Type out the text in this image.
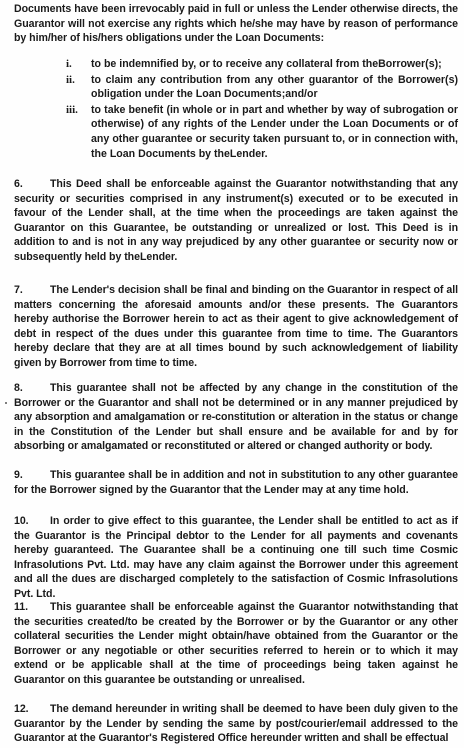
Documents have been irrevocably paid in full or unless the Lender otherwise directs, the Guarantor will not exercise any rights which he/she may have by reason of performance by him/her of his/hers obligations under the Loan Documents:
i.	to be indemnified by, or to receive any collateral from theBorrower(s);
ii.	to claim any contribution from any other guarantor of the Borrower(s) obligation under the Loan Documents;and/or
iii.	to take benefit (in whole or in part and whether by way of subrogation or otherwise) of any rights of the Lender under the Loan Documents or of any other guarantee or security taken pursuant to, or in connection with, the Loan Documents by theLender.
6.	This Deed shall be enforceable against the Guarantor notwithstanding that any security or securities comprised in any instrument(s) executed or to be executed in favour of the Lender shall, at the time when the proceedings are taken against the Guarantor on this Guarantee, be outstanding or unrealized or lost. This Deed is in addition to and is not in any way prejudiced by any other guarantee or security now or subsequently held by theLender.
7.	The Lender's decision shall be final and binding on the Guarantor in respect of all matters concerning the aforesaid amounts and/or these presents. The Guarantors hereby authorise the Borrower herein to act as their agent to give acknowledgement of debt in respect of the dues under this guarantee from time to time. The Guarantors hereby declare that they are at all times bound by such acknowledgement of liability given by Borrower from time to time.
8.	This guarantee shall not be affected by any change in the constitution of the Borrower or the Guarantor and shall not be determined or in any manner prejudiced by any absorption and amalgamation or re-constitution or alteration in the status or change in the Constitution of the Lender but shall ensure and be available for and by for absorbing or amalgamated or reconstituted or altered or changed authority or body.
9.	This guarantee shall be in addition and not in substitution to any other guarantee for the Borrower signed by the Guarantor that the Lender may at any time hold.
10. In order to give effect to this guarantee, the Lender shall be entitled to act as if the Guarantor is the Principal debtor to the Lender for all payments and covenants hereby guaranteed. The Guarantee shall be a continuing one till such time Cosmic Infrasolutions Pvt. Ltd. may have any claim against the Borrower under this agreement and all the dues are discharged completely to the satisfaction of Cosmic Infrasolutions Pvt. Ltd.
11. This guarantee shall be enforceable against the Guarantor notwithstanding that the securities created/to be created by the Borrower or by the Guarantor or any other collateral securities the Lender might obtain/have obtained from the Guarantor or the Borrower or any negotiable or other securities referred to herein or to which it may extend or be applicable shall at the time of proceedings being taken against he Guarantor on this guarantee be outstanding or unrealised.
12. The demand hereunder in writing shall be deemed to have been duly given to the Guarantor by the Lender by sending the same by post/courier/email addressed to the Guarantor at the Guarantor's Registered Office hereunder written and shall be effectual
